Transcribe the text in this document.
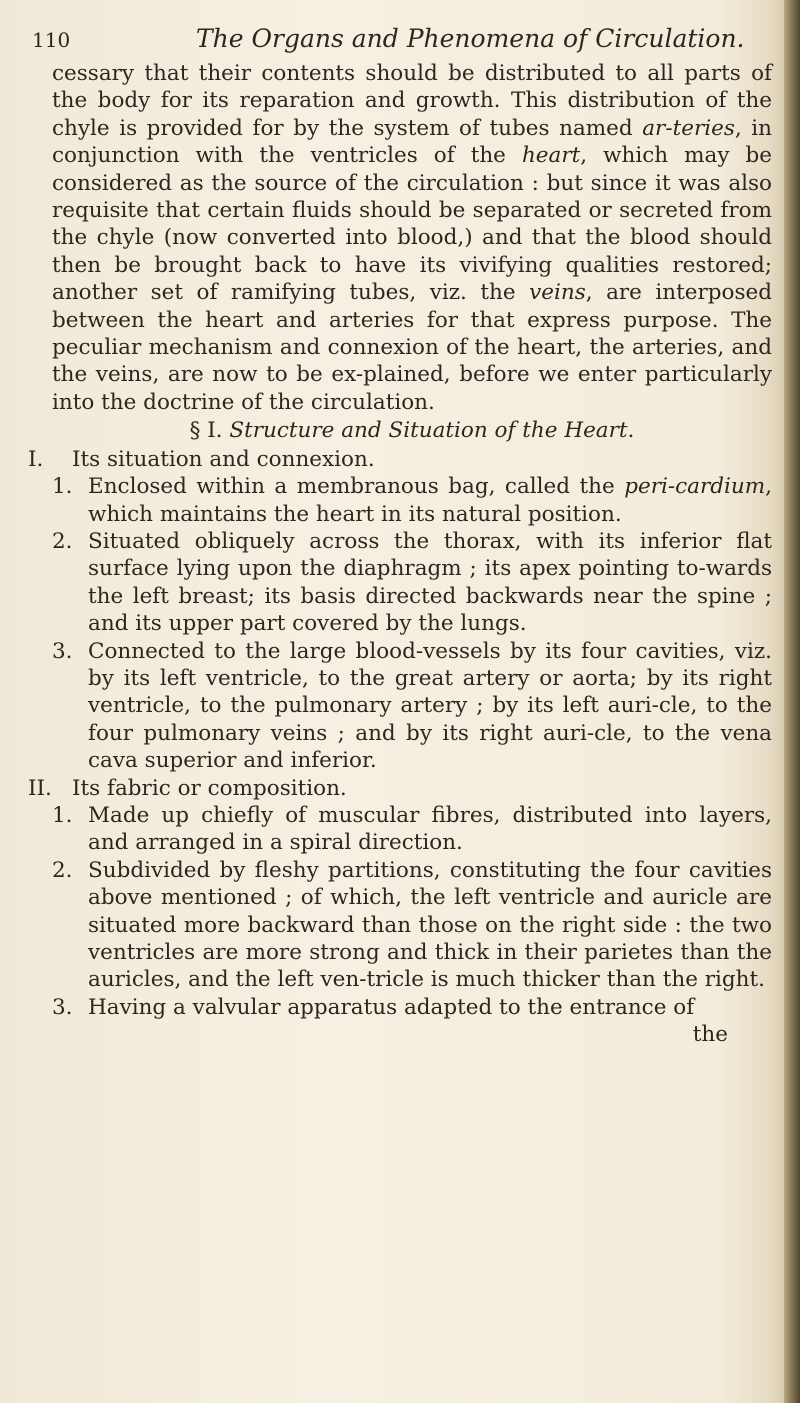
110	The Organs and Phenomena of Circulation.

cessary that their contents should be distributed to all parts of the body for its reparation and growth. This distribution of the chyle is provided for by the system of tubes named ar-teries, in conjunction with the ventricles of the heart, which may be considered as the source of the circulation : but since it was also requisite that certain fluids should be separated or secreted from the chyle (now converted into blood,) and that the blood should then be brought back to have its vivifying qualities restored; another set of ramifying tubes, viz. the veins, are interposed between the heart and arteries for that express purpose. The peculiar mechanism and connexion of the heart, the arteries, and the veins, are now to be ex-plained, before we enter particularly into the doctrine of the circulation.

§ I. Structure and Situation of the Heart.

I. Its situation and connexion.

1. Enclosed within a membranous bag, called the peri-cardium, which maintains the heart in its natural position.

2. Situated obliquely across the thorax, with its inferior flat surface lying upon the diaphragm ; its apex pointing to-wards the left breast; its basis directed backwards near the spine ; and its upper part covered by the lungs.

3. Connected to the large blood-vessels by its four cavities, viz. by its left ventricle, to the great artery or aorta; by its right ventricle, to the pulmonary artery ; by its left auri-cle, to the four pulmonary veins ; and by its right auri-cle, to the vena cava superior and inferior.

II. Its fabric or composition.

1. Made up chiefly of muscular fibres, distributed into layers, and arranged in a spiral direction.

2. Subdivided by fleshy partitions, constituting the four cavities above mentioned ; of which, the left ventricle and auricle are situated more backward than those on the right side : the two ventricles are more strong and thick in their parietes than the auricles, and the left ven-tricle is much thicker than the right.

3. Having a valvular apparatus adapted to the entrance of

the
